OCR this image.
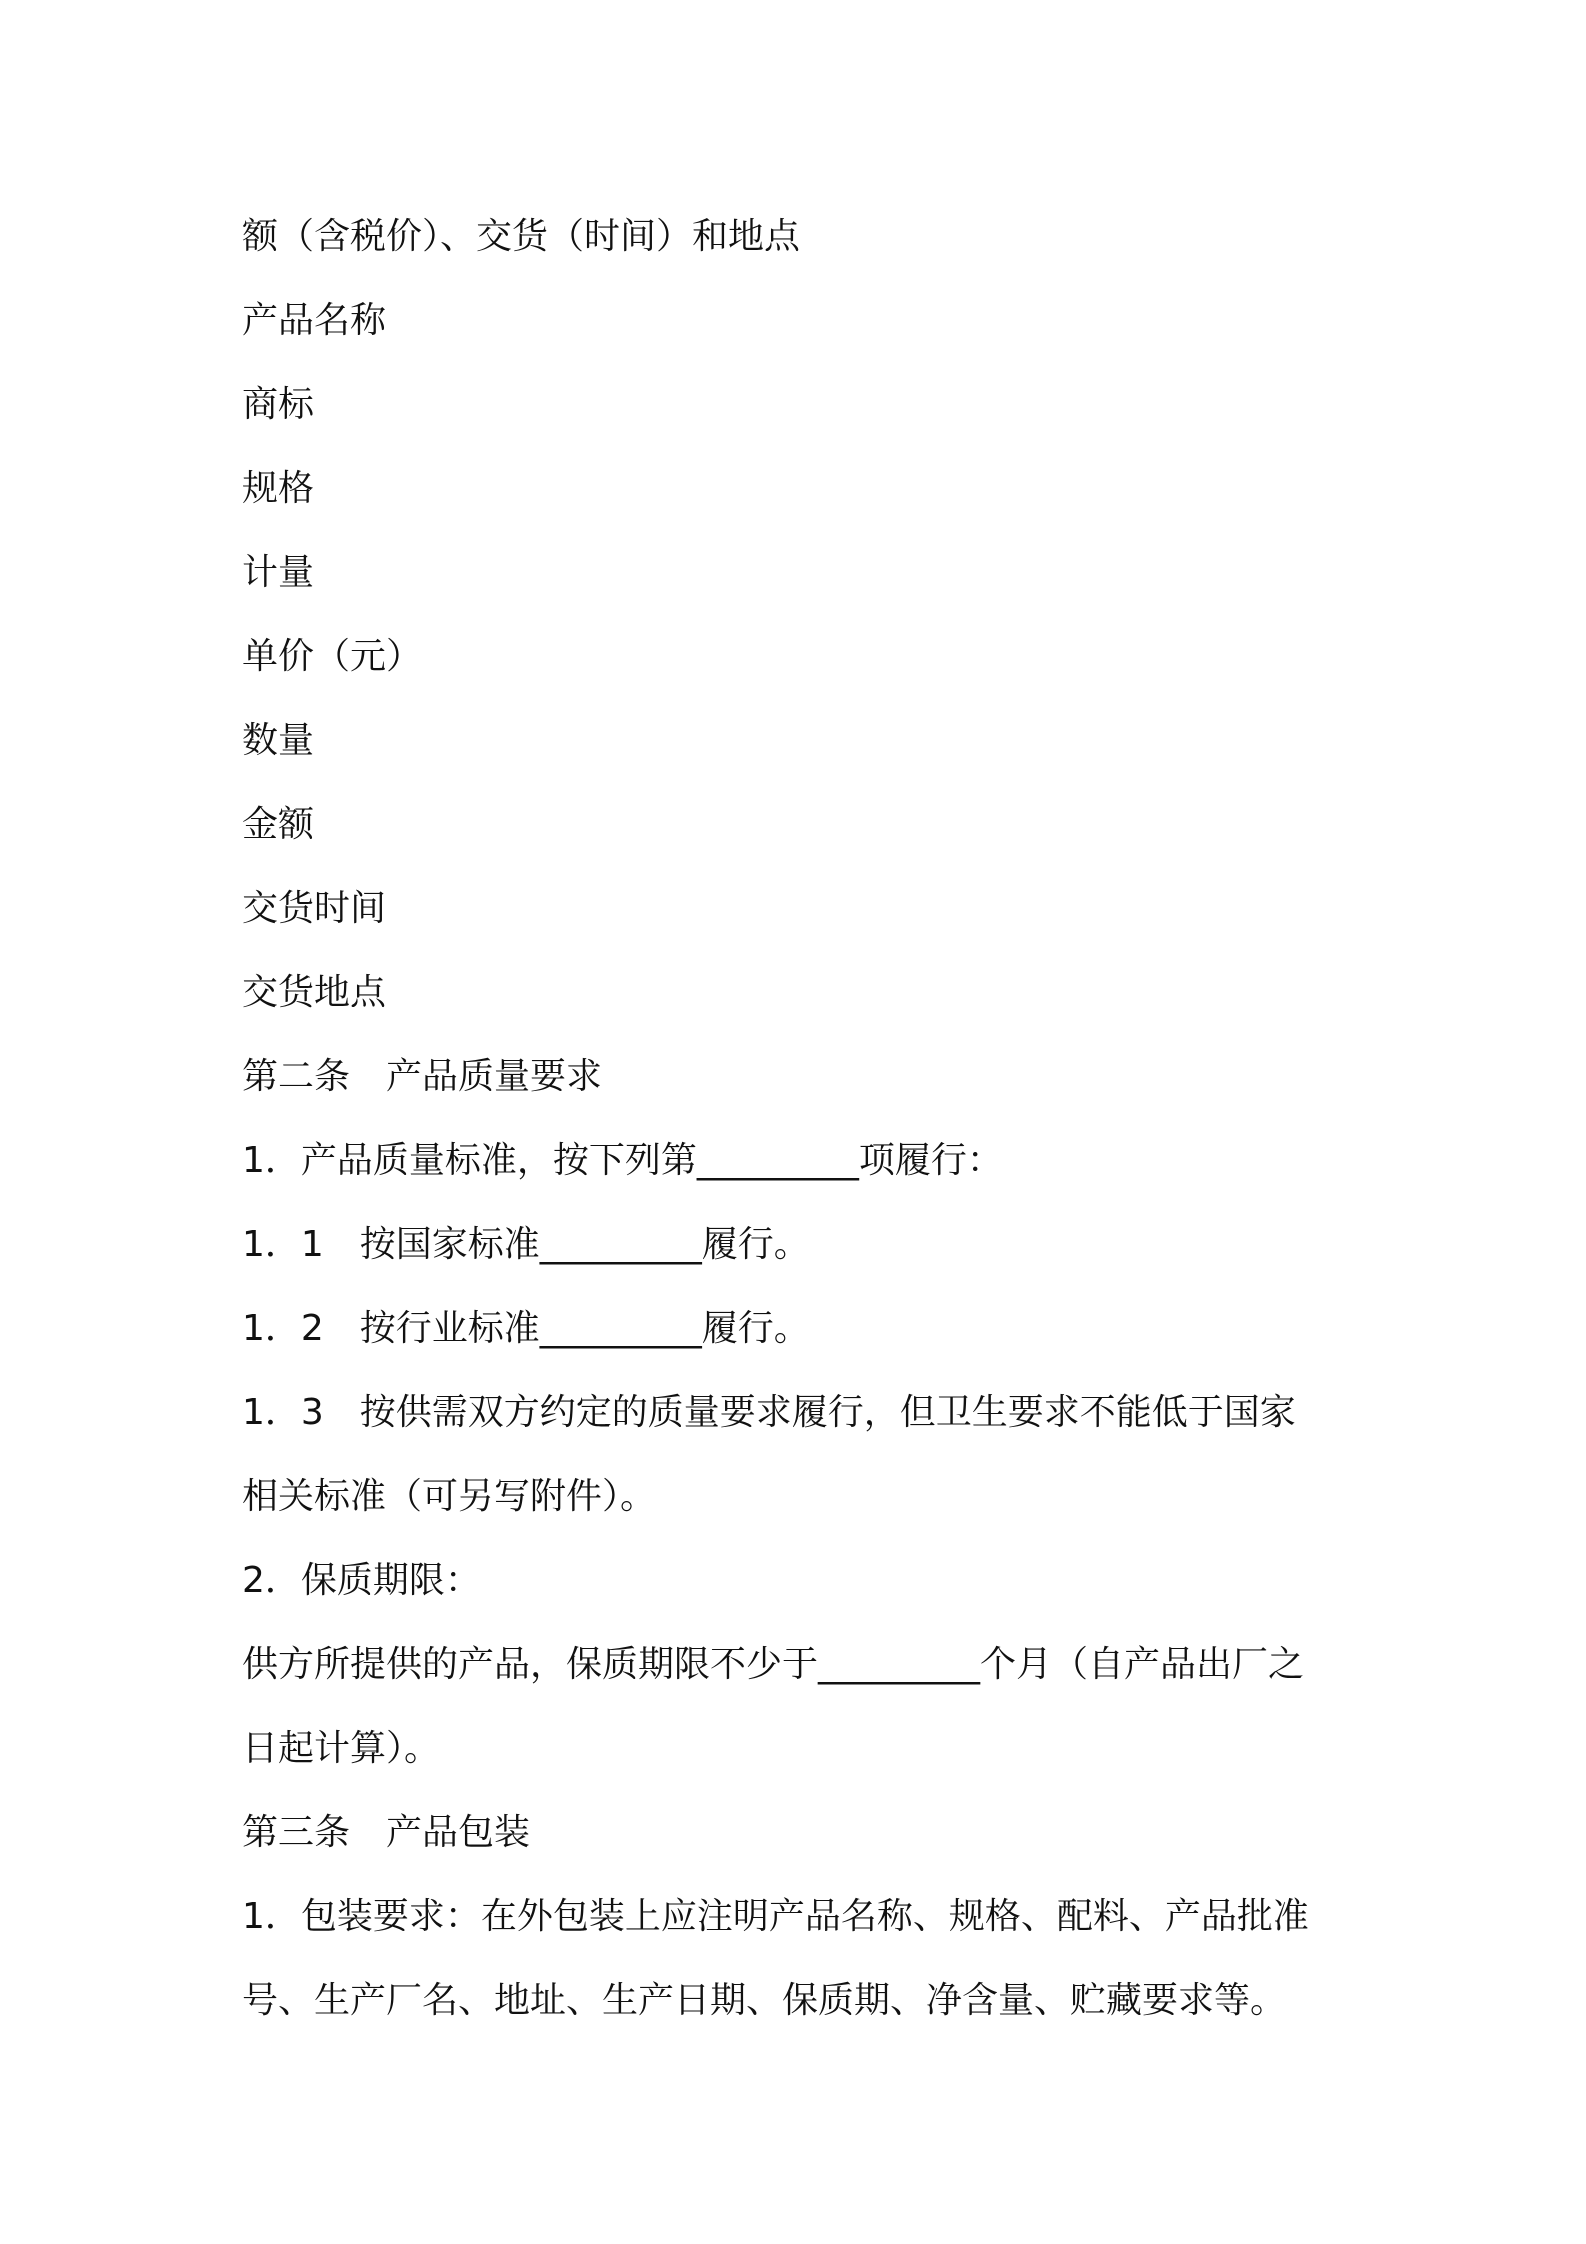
额（含税价）、交货（时间）和地点
产品名称
商标
规格
计量
单价（元）
数量
金额
交货时间
交货地点
第二条　产品质量要求
1．产品质量标准，按下列第_________项履行：
1．1　按国家标准_________履行。
1．2　按行业标准_________履行。
1．3　按供需双方约定的质量要求履行，但卫生要求不能低于国家
相关标准（可另写附件）。
2．保质期限：
供方所提供的产品，保质期限不少于_________个月（自产品出厂之
日起计算）。
第三条　产品包装
1．包装要求：在外包装上应注明产品名称、规格、配料、产品批准
号、生产厂名、地址、生产日期、保质期、净含量、贮藏要求等。
